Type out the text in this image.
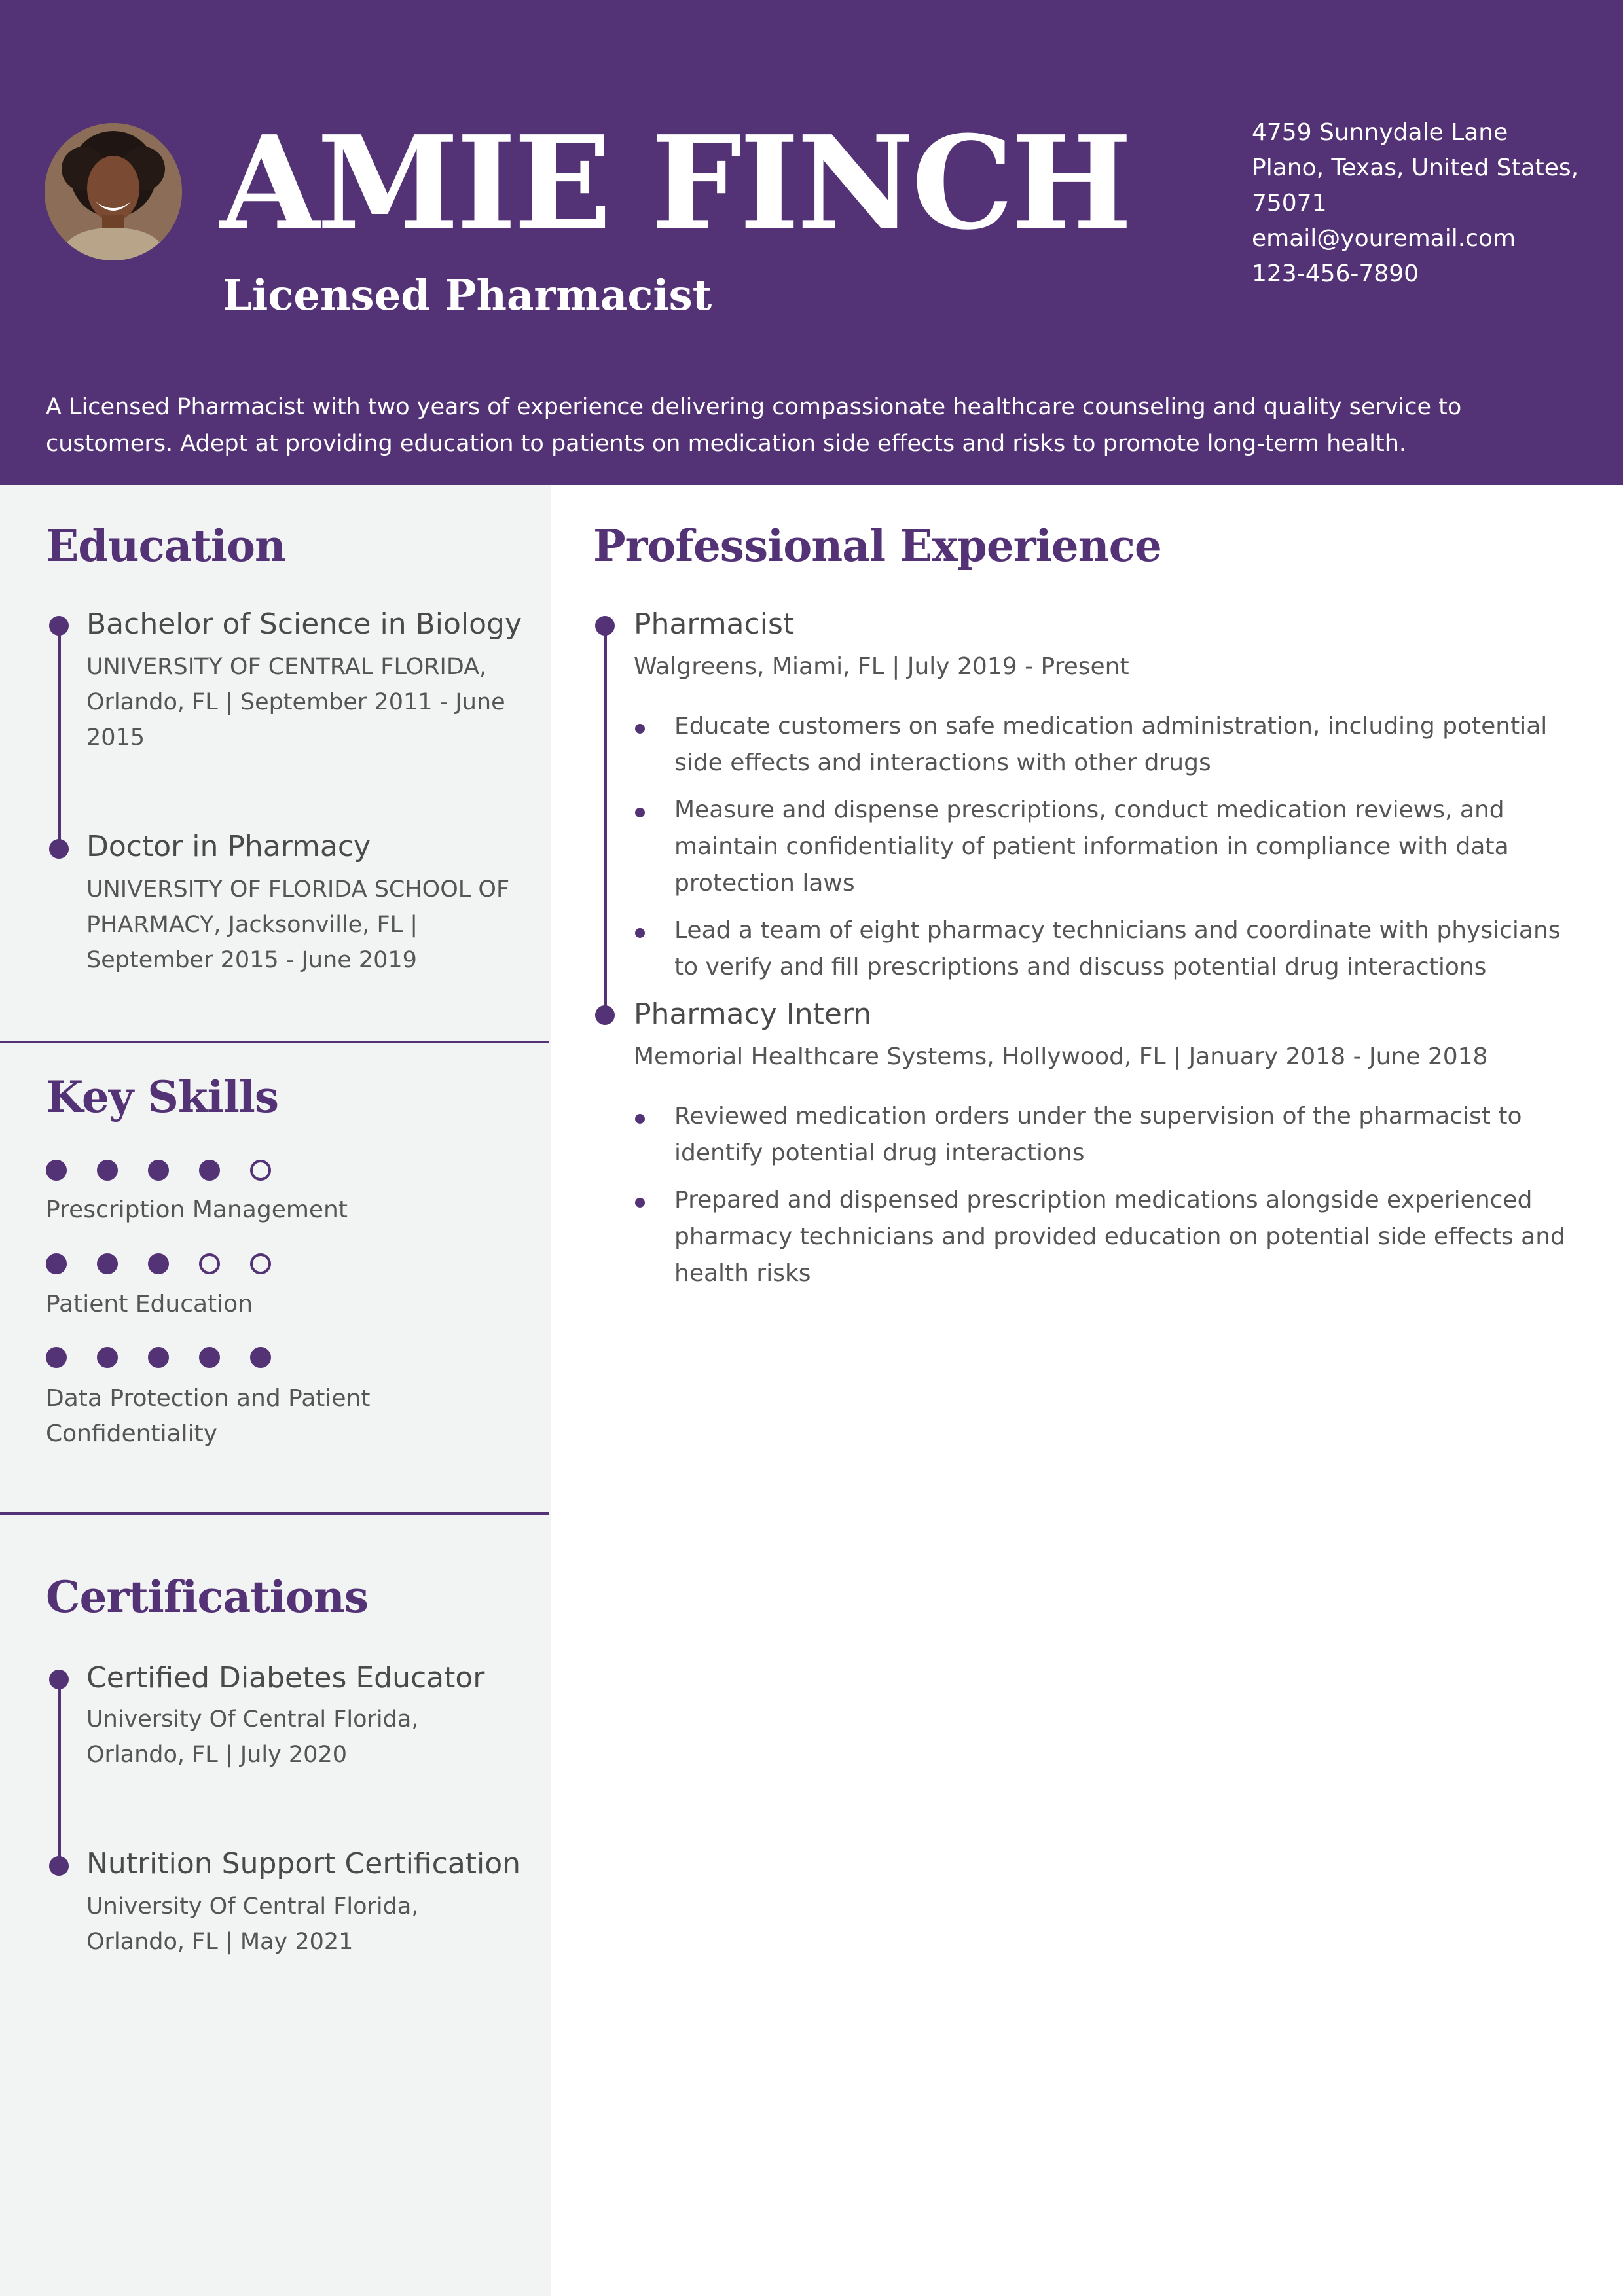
AMIE FINCH
Licensed Pharmacist
4759 Sunnydale Lane
Plano, Texas, United States,
75071
email@youremail.com
123-456-7890
A Licensed Pharmacist with two years of experience delivering compassionate healthcare counseling and quality service to customers. Adept at providing education to patients on medication side effects and risks to promote long-term health.
Education
Bachelor of Science in Biology
UNIVERSITY OF CENTRAL FLORIDA, Orlando, FL | September 2011 - June 2015
Doctor in Pharmacy
UNIVERSITY OF FLORIDA SCHOOL OF PHARMACY, Jacksonville, FL | September 2015 - June 2019
Key Skills
Prescription Management
Patient Education
Data Protection and Patient Confidentiality
Certifications
Certified Diabetes Educator
University Of Central Florida, Orlando, FL | July 2020
Nutrition Support Certification
University Of Central Florida, Orlando, FL | May 2021
Professional Experience
Pharmacist
Walgreens, Miami, FL | July 2019 - Present
Educate customers on safe medication administration, including potential side effects and interactions with other drugs
Measure and dispense prescriptions, conduct medication reviews, and maintain confidentiality of patient information in compliance with data protection laws
Lead a team of eight pharmacy technicians and coordinate with physicians to verify and fill prescriptions and discuss potential drug interactions
Pharmacy Intern
Memorial Healthcare Systems, Hollywood, FL | January 2018 - June 2018
Reviewed medication orders under the supervision of the pharmacist to identify potential drug interactions
Prepared and dispensed prescription medications alongside experienced pharmacy technicians and provided education on potential side effects and health risks
